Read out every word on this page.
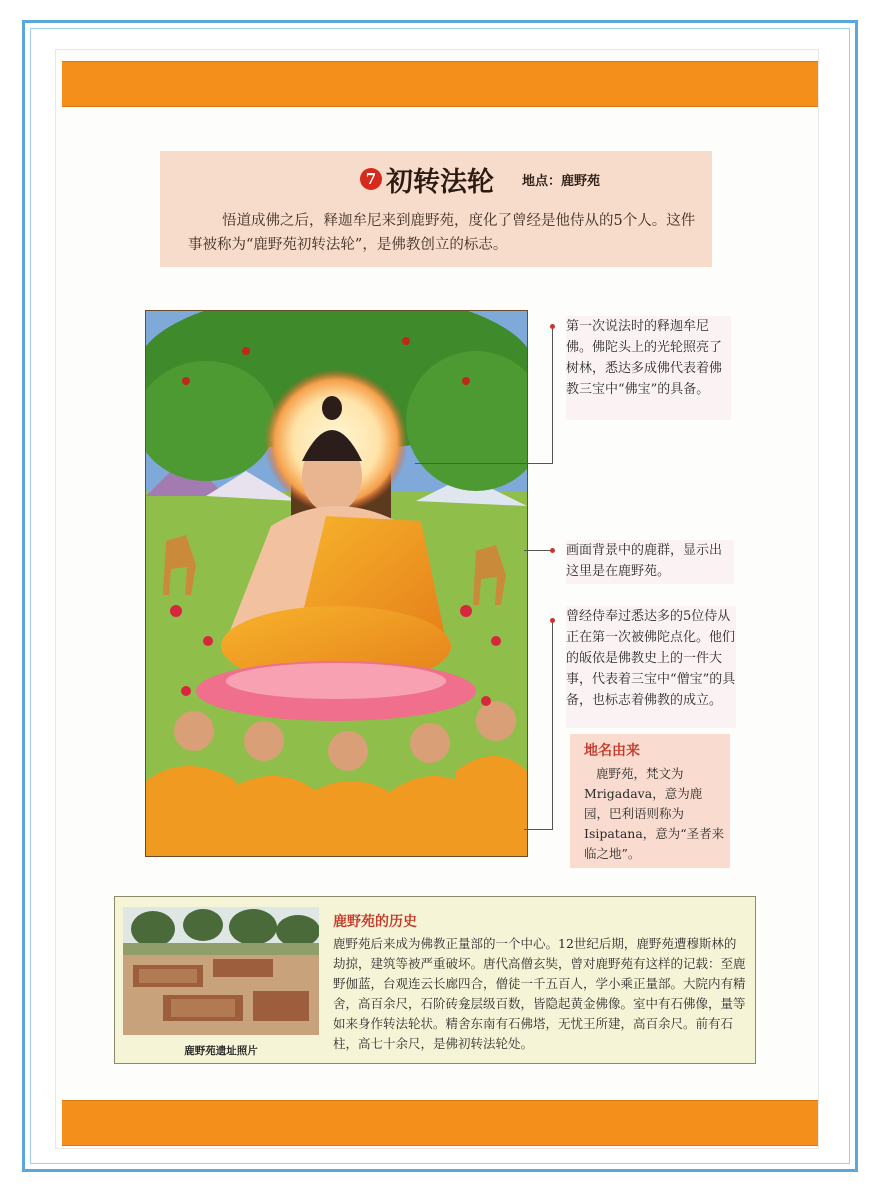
7 初转法轮 地点：鹿野苑
悟道成佛之后，释迦牟尼来到鹿野苑，度化了曾经是他侍从的5个人。这件事被称为“鹿野苑初转法轮”，是佛教创立的标志。
第一次说法时的释迦牟尼佛。佛陀头上的光轮照亮了树林，悉达多成佛代表着佛教三宝中“佛宝”的具备。
画面背景中的鹿群，显示出这里是在鹿野苑。
曾经侍奉过悉达多的5位侍从正在第一次被佛陀点化。他们的皈依是佛教史上的一件大事，代表着三宝中“僧宝”的具备，也标志着佛教的成立。
地名由来
鹿野苑，梵文为Mrigadava，意为鹿园，巴利语则称为Isipatana，意为“圣者来临之地”。
鹿野苑遗址照片
鹿野苑的历史
鹿野苑后来成为佛教正量部的一个中心。12世纪后期，鹿野苑遭穆斯林的劫掠，建筑等被严重破坏。唐代高僧玄奘，曾对鹿野苑有这样的记载：至鹿野伽蓝，台观连云长廊四合，僧徒一千五百人，学小乘正量部。大院内有精舍，高百余尺，石阶砖龛层级百数，皆隐起黄金佛像。室中有石佛像，量等如来身作转法轮状。精舍东南有石佛塔，无忧王所建，高百余尺。前有石柱，高七十余尺，是佛初转法轮处。
